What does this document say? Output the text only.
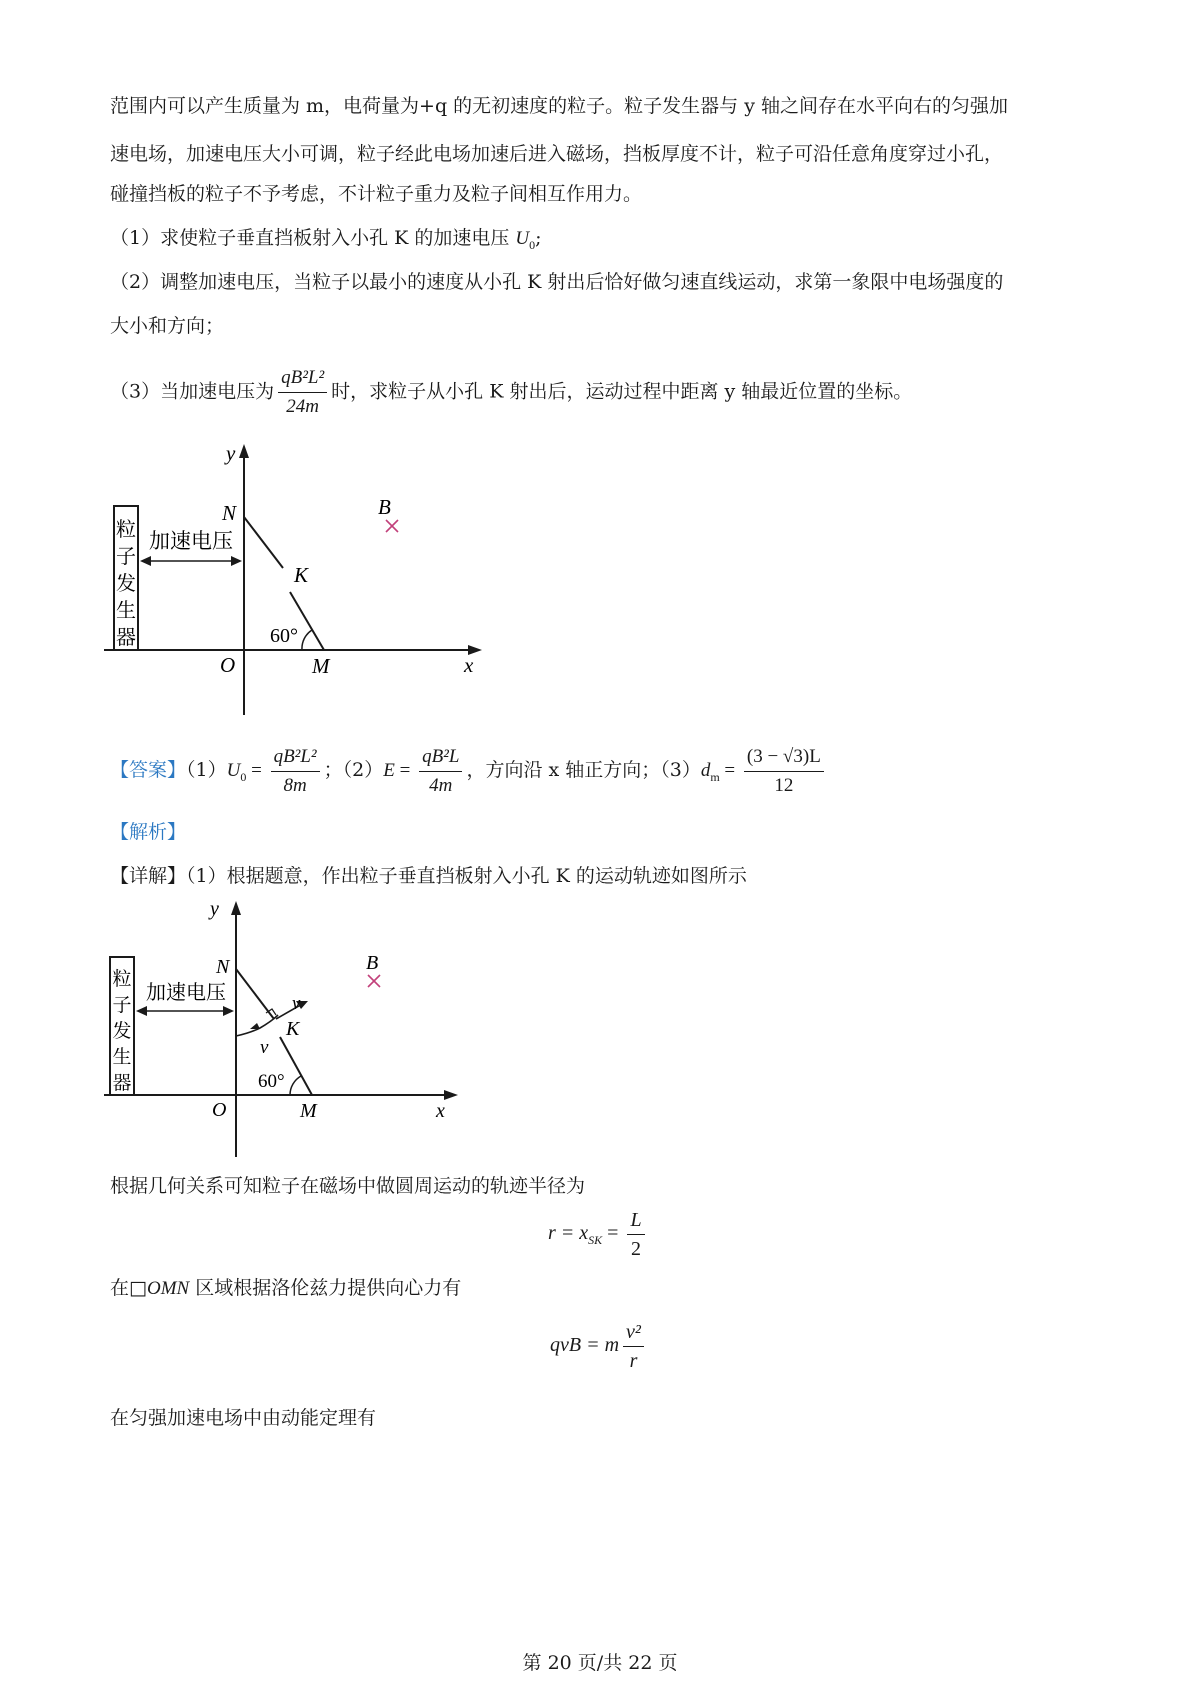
范围内可以产生质量为 m，电荷量为+q 的无初速度的粒子。粒子发生器与 y 轴之间存在水平向右的匀强加
速电场，加速电压大小可调，粒子经此电场加速后进入磁场，挡板厚度不计，粒子可沿任意角度穿过小孔，
碰撞挡板的粒子不予考虑，不计粒子重力及粒子间相互作用力。
（1）求使粒子垂直挡板射入小孔 K 的加速电压 $U_0$;
（2）调整加速电压，当粒子以最小的速度从小孔 K 射出后恰好做匀速直线运动，求第一象限中电场强度的
大小和方向；
（3）当加速电压为 $\frac{\text{qB²L²}}{24m}$ 时，求粒子从小孔 K 射出后，运动过程中距离 y 轴最近位置的坐标。
粒
子
发
生
器
加速电压
y
x
O	M
N
K
B
60°
【答案】$(1)U_0 = \frac{\text{qB²L²}}{8m}$ ；$(2)E = \frac{\text{qB²L}}{4m}$ ，方向沿 x 轴正方向；$(3)d_m = \frac{(3 - √3)L}{12}$
【解析】
【详解】（1）根据题意，作出粒子垂直挡板射入小孔 K 的运动轨迹如图所示
粒
子
发
生
器
加速电压
y
x
O	M
N
K
B
v
v
60°
根据几何关系可知粒子在磁场中做圆周运动的轨迹半径为
$r = x_{SK} = \frac{L}{2}$
在□OMN 区域根据洛伦兹力提供向心力有
qvB = m $\frac{\text{v²}}{r}$
在匀强加速电场中由动能定理有
第 20 页/共 22 页
